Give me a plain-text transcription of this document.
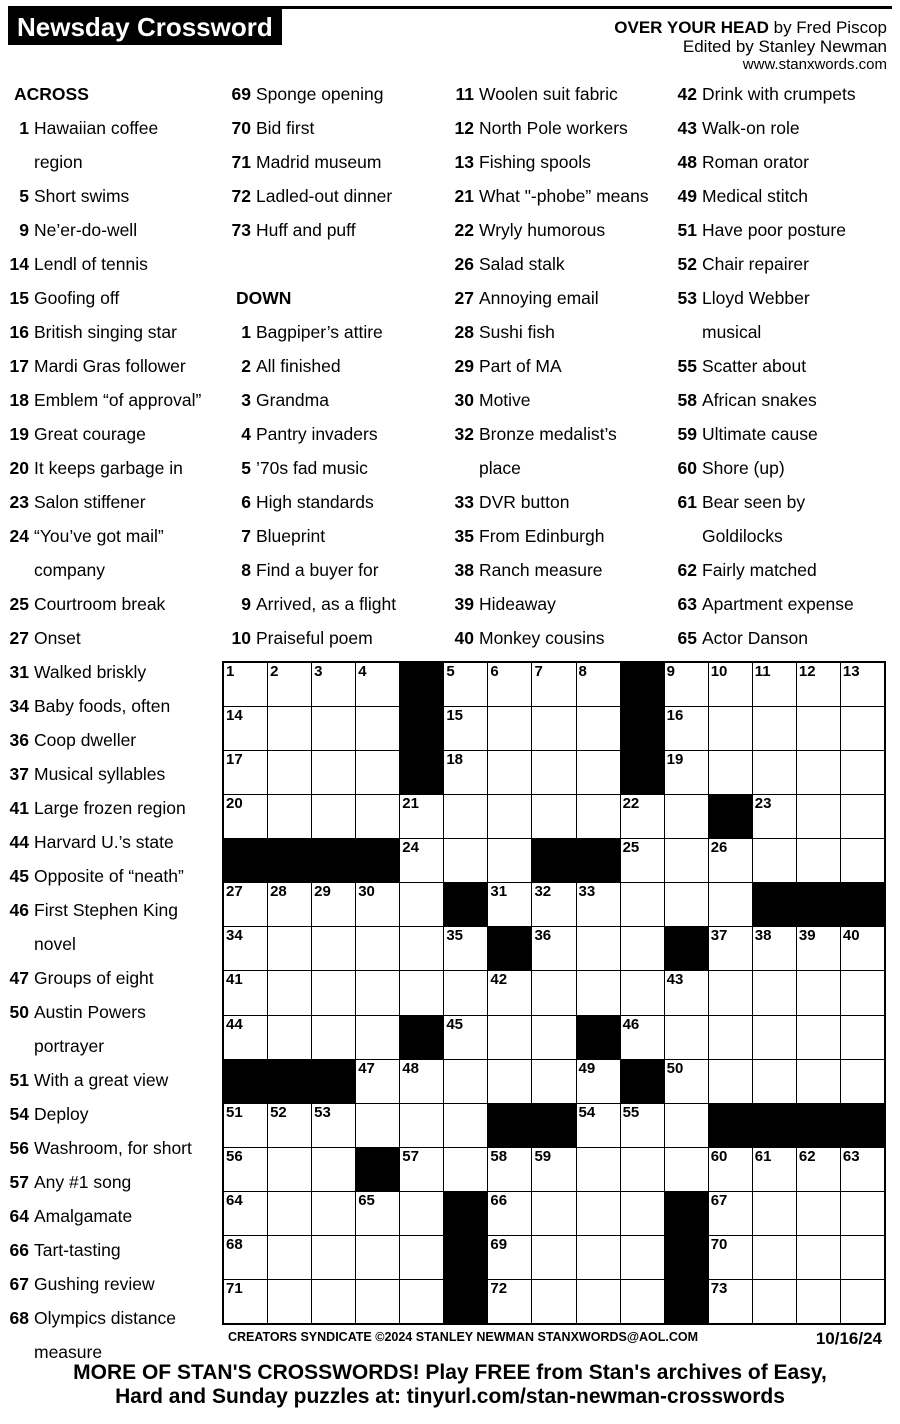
Newsday Crossword	OVER YOUR HEAD by Fred Piscop
Edited by Stanley Newman
www.stanxwords.com
ACROSS
1 Hawaiian coffee
region
5 Short swims
9 Ne’er-do-well
14 Lendl of tennis
15 Goofing off
16 British singing star
17 Mardi Gras follower
18 Emblem “of approval”
19 Great courage
20 It keeps garbage in
23 Salon stiffener
24 “You’ve got mail”
company
25 Courtroom break
27 Onset
31 Walked briskly
34 Baby foods, often
36 Coop dweller
37 Musical syllables
41 Large frozen region
44 Harvard U.’s state
45 Opposite of “neath”
46 First Stephen King
novel
47 Groups of eight
50 Austin Powers
portrayer
51 With a great view
54 Deploy
56 Washroom, for short
57 Any #1 song
64 Amalgamate
66 Tart-tasting
67 Gushing review
68 Olympics distance
measure
69 Sponge opening
70 Bid first
71 Madrid museum
72 Ladled-out dinner
73 Huff and puff
DOWN
1 Bagpiper’s attire
2 All finished
3 Grandma
4 Pantry invaders
5 ’70s fad music
6 High standards
7 Blueprint
8 Find a buyer for
9 Arrived, as a flight
10 Praiseful poem
11 Woolen suit fabric
12 North Pole workers
13 Fishing spools
21 What "-phobe” means
22 Wryly humorous
26 Salad stalk
27 Annoying email
28 Sushi fish
29 Part of MA
30 Motive
32 Bronze medalist’s
place
33 DVR button
35 From Edinburgh
38 Ranch measure
39 Hideaway
40 Monkey cousins
42 Drink with crumpets
43 Walk-on role
48 Roman orator
49 Medical stitch
51 Have poor posture
52 Chair repairer
53 Lloyd Webber
musical
55 Scatter about
58 African snakes
59 Ultimate cause
60 Shore (up)
61 Bear seen by
Goldilocks
62 Fairly matched
63 Apartment expense
65 Actor Danson
1 2 3 4	5 6 7 8	9 10 11 12 13
14	15	16
17	18	19
20	21	22	23
24	25	26
27 28 29 30	31 32 33
34	35	36	37 38 39 40
41	42	43
44	45	46
47 48	49	50
51 52 53	54 55
56	57	58 59	60 61 62 63
64	65	66	67
68	69	70
71	72	73
CREATORS SYNDICATE ©2024 STANLEY NEWMAN STANXWORDS@AOL.COM	10/16/24
MORE OF STAN'S CROSSWORDS! Play FREE from Stan's archives of Easy,
Hard and Sunday puzzles at: tinyurl.com/stan-newman-crosswords
